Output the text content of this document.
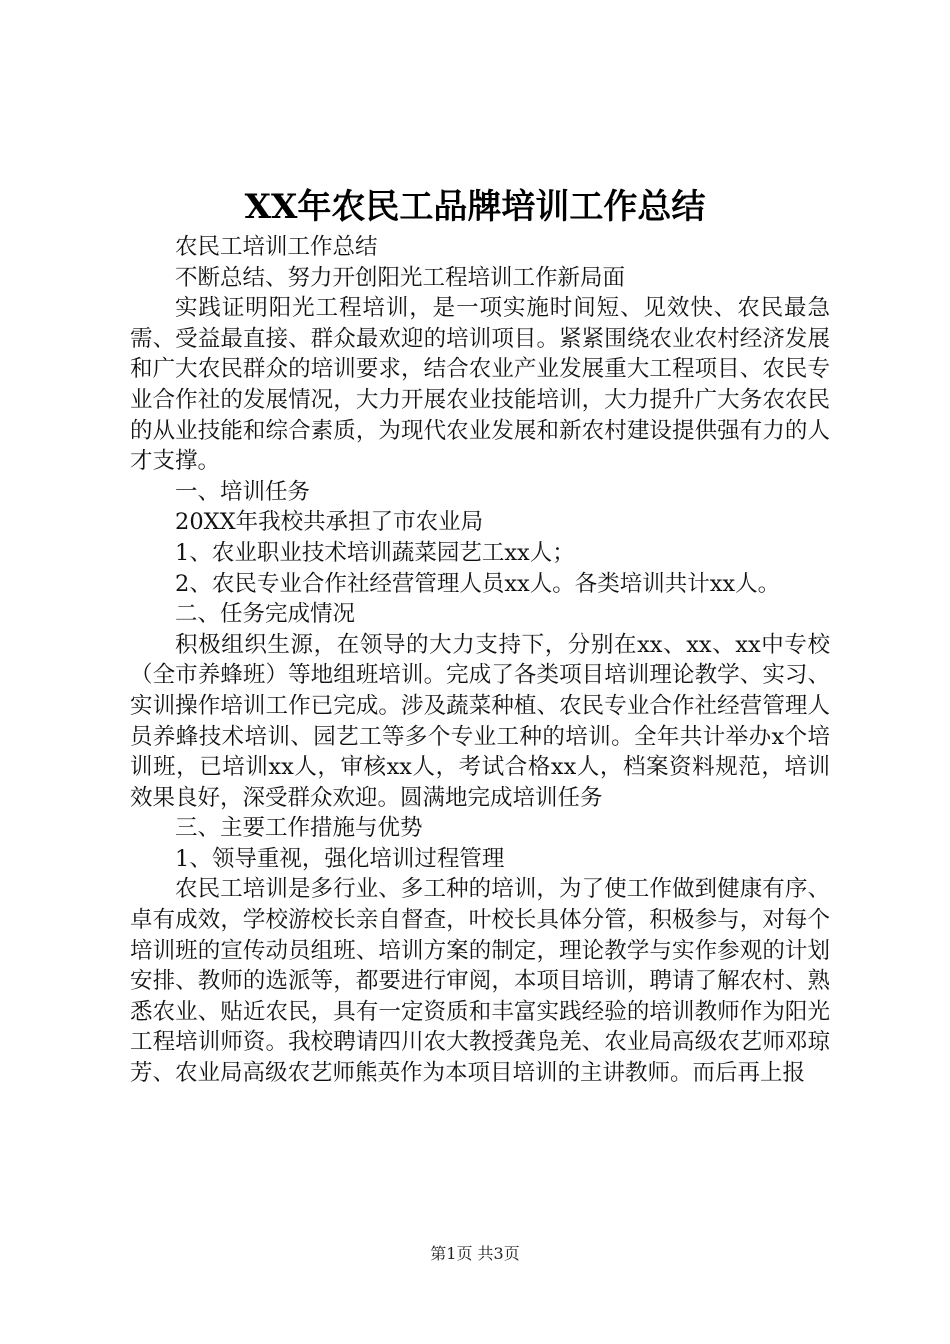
XX年农民工品牌培训工作总结

农民工培训工作总结

不断总结、努力开创阳光工程培训工作新局面

实践证明阳光工程培训，是一项实施时间短、见效快、农民最急需、受益最直接、群众最欢迎的培训项目。紧紧围绕农业农村经济发展和广大农民群众的培训要求，结合农业产业发展重大工程项目、农民专业合作社的发展情况，大力开展农业技能培训，大力提升广大务农农民的从业技能和综合素质，为现代农业发展和新农村建设提供强有力的人才支撑。

一、培训任务

20XX年我校共承担了市农业局

1、农业职业技术培训蔬菜园艺工xx人；

2、农民专业合作社经营管理人员xx人。各类培训共计xx人。

二、任务完成情况

积极组织生源，在领导的大力支持下，分别在xx、xx、xx中专校（全市养蜂班）等地组班培训。完成了各类项目培训理论教学、实习、实训操作培训工作已完成。涉及蔬菜种植、农民专业合作社经营管理人员养蜂技术培训、园艺工等多个专业工种的培训。全年共计举办x个培训班，已培训xx人，审核xx人，考试合格xx人，档案资料规范，培训效果良好，深受群众欢迎。圆满地完成培训任务

三、主要工作措施与优势

1、领导重视，强化培训过程管理

农民工培训是多行业、多工种的培训，为了使工作做到健康有序、卓有成效，学校游校长亲自督查，叶校长具体分管，积极参与，对每个培训班的宣传动员组班、培训方案的制定，理论教学与实作参观的计划安排、教师的选派等，都要进行审阅，本项目培训，聘请了解农村、熟悉农业、贴近农民，具有一定资质和丰富实践经验的培训教师作为阳光工程培训师资。我校聘请四川农大教授龚凫羌、农业局高级农艺师邓琼芳、农业局高级农艺师熊英作为本项目培训的主讲教师。而后再上报

第1页 共3页
